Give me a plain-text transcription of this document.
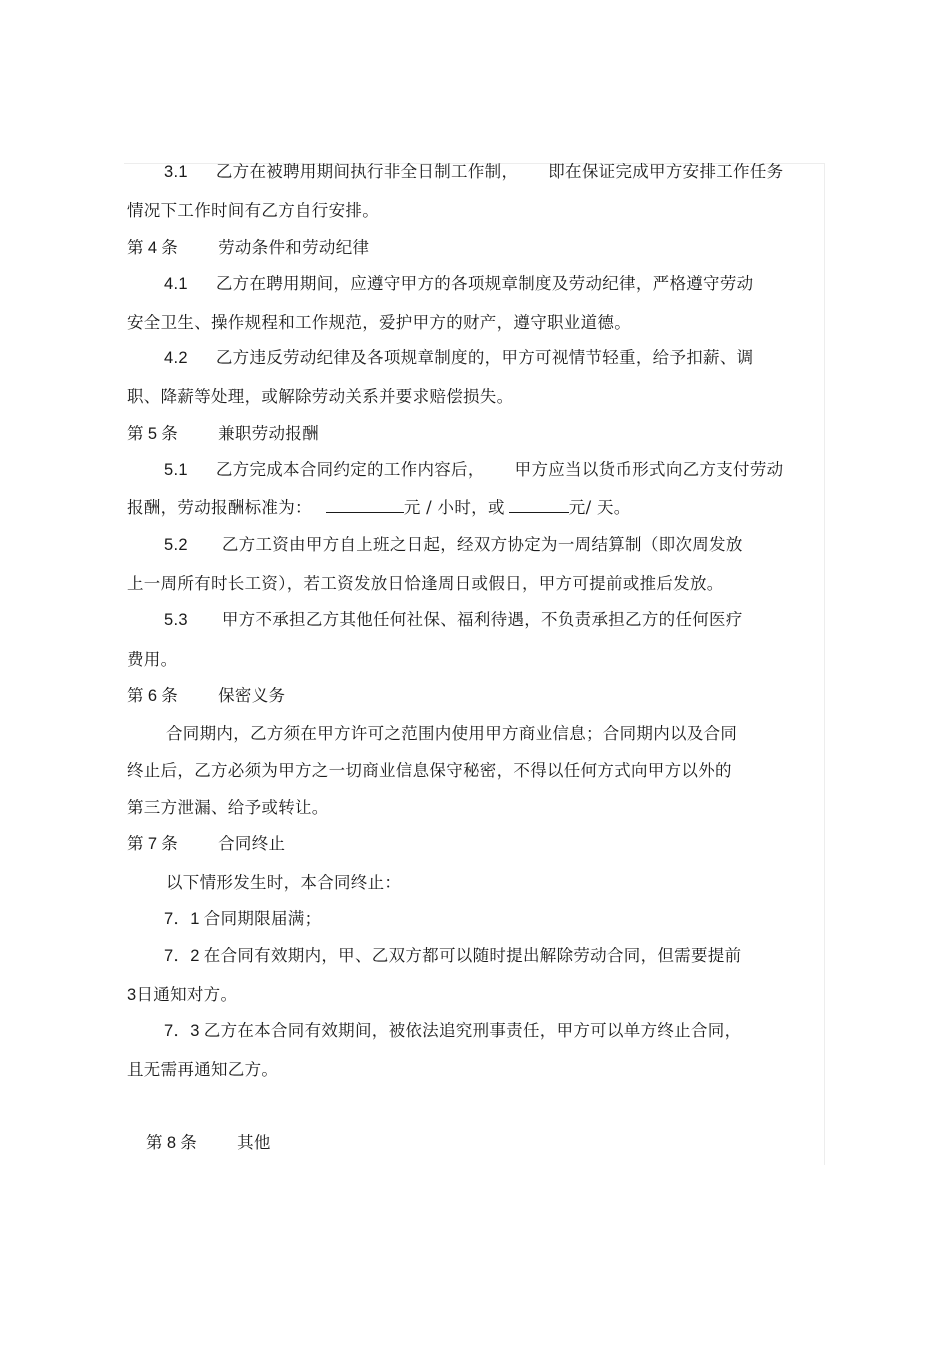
3.1 乙方在被聘用期间执行非全日制工作制， 即在保证完成甲方安排工作任务
情况下工作时间有乙方自行安排。
第 4 条 劳动条件和劳动纪律
4.1 乙方在聘用期间，应遵守甲方的各项规章制度及劳动纪律，严格遵守劳动
安全卫生、操作规程和工作规范，爱护甲方的财产，遵守职业道德。
4.2 乙方违反劳动纪律及各项规章制度的，甲方可视情节轻重，给予扣薪、调
职、降薪等处理，或解除劳动关系并要求赔偿损失。
第 5 条 兼职劳动报酬
5.1 乙方完成本合同约定的工作内容后， 甲方应当以货币形式向乙方支付劳动
报酬，劳动报酬标准为：	元 / 小时，或	元/ 天。
5.2 乙方工资由甲方自上班之日起，经双方协定为一周结算制（即次周发放
上一周所有时长工资），若工资发放日恰逢周日或假日，甲方可提前或推后发放。
5.3 甲方不承担乙方其他任何社保、福利待遇，不负责承担乙方的任何医疗
费用。
第 6 条 保密义务
合同期内，乙方须在甲方许可之范围内使用甲方商业信息；合同期内以及合同
终止后，乙方必须为甲方之一切商业信息保守秘密，不得以任何方式向甲方以外的
第三方泄漏、给予或转让。
第 7 条 合同终止
以下情形发生时，本合同终止：
7．1 合同期限届满；
7．2 在合同有效期内，甲、乙双方都可以随时提出解除劳动合同，但需要提前
3日通知对方。
7．3 乙方在本合同有效期间，被依法追究刑事责任，甲方可以单方终止合同，
且无需再通知乙方。
第 8 条 其他
